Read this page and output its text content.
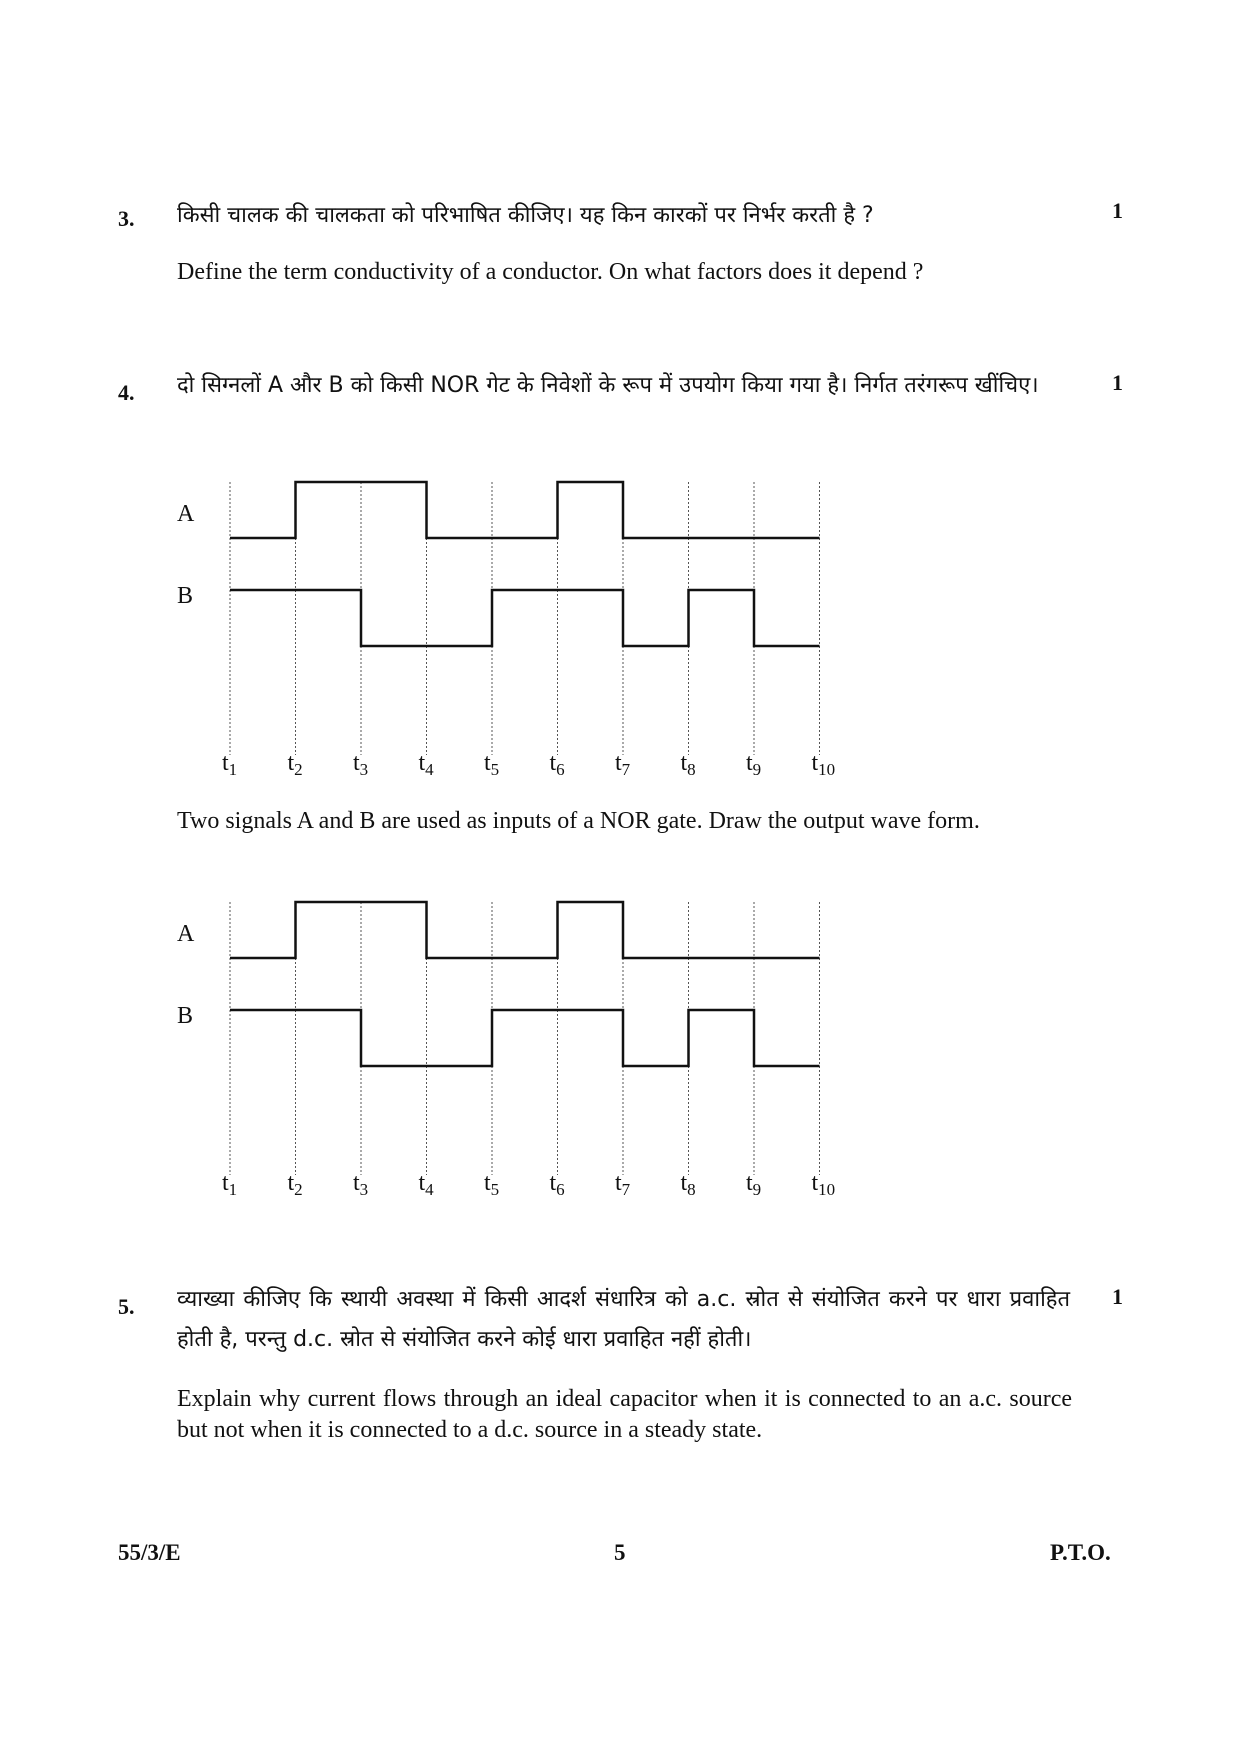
3. किसी चालक की चालकता को परिभाषित कीजिए। यह किन कारकों पर निर्भर करती है ?	1
Define the term conductivity of a conductor. On what factors does it depend ?
4. दो सिग्नलों A और B को किसी NOR गेट के निवेशों के रूप में उपयोग किया गया है। निर्गत तरंगरूप खींचिए।	1
A
B
$t_1$ $t_2$ $t_3$ $t_4$ $t_5$ $t_6$ $t_7$ $t_8$ $t_9$ $t_{10}$
Two signals A and B are used as inputs of a NOR gate. Draw the output wave form.
A
B
$t_1$ $t_2$ $t_3$ $t_4$ $t_5$ $t_6$ $t_7$ $t_8$ $t_9$ $t_{10}$
5. व्याख्या कीजिए कि स्थायी अवस्था में किसी आदर्श संधारित्र को a.c. स्रोत से संयोजित करने पर धारा प्रवाहित होती है, परन्तु d.c. स्रोत से संयोजित करने कोई धारा प्रवाहित नहीं होती।
1
Explain why current flows through an ideal capacitor when it is connected to an a.c. source but not when it is connected to a d.c. source in a steady state.
55/3/E	5	P.T.O.
